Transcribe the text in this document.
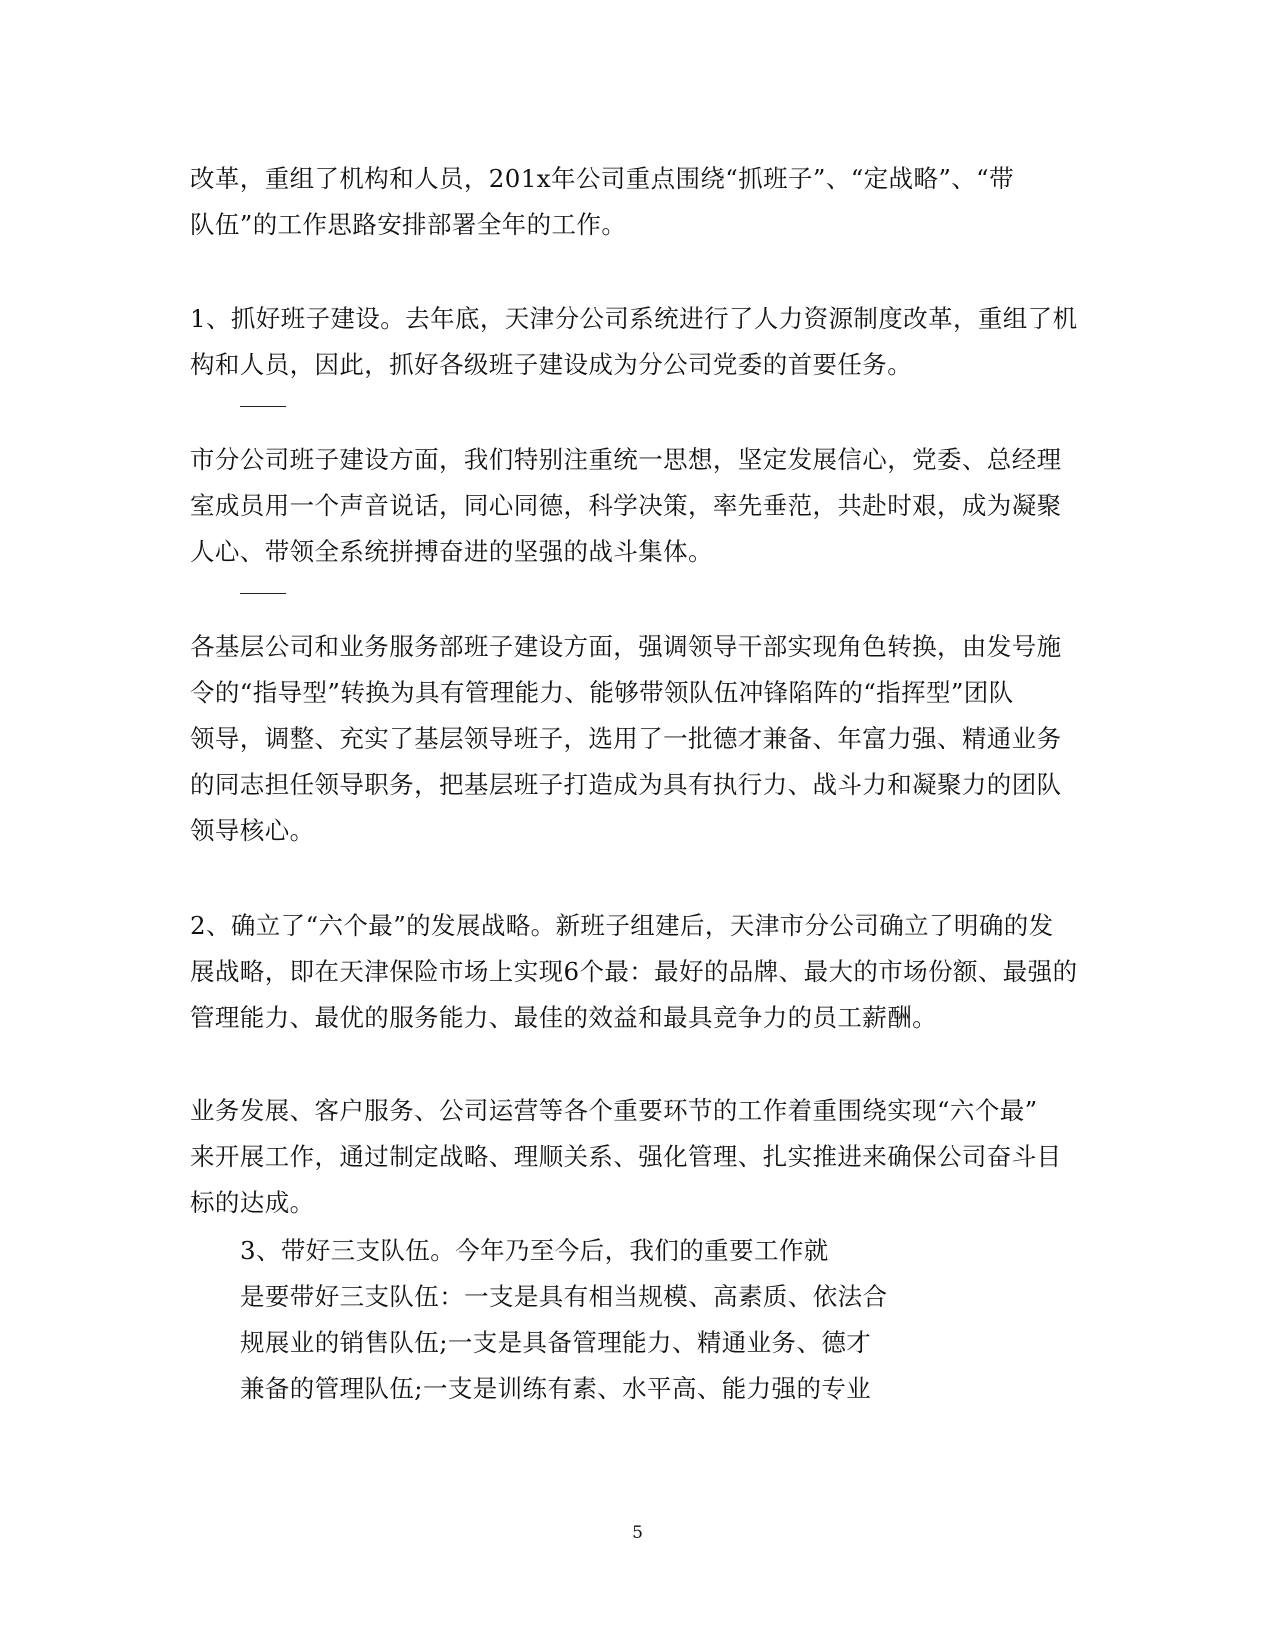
改革，重组了机构和人员，201x年公司重点围绕“抓班子”、“定战略”、“带
队伍”的工作思路安排部署全年的工作。
1、抓好班子建设。去年底，天津分公司系统进行了人力资源制度改革，重组了机
构和人员，因此，抓好各级班子建设成为分公司党委的首要任务。
市分公司班子建设方面，我们特别注重统一思想，坚定发展信心，党委、总经理
室成员用一个声音说话，同心同德，科学决策，率先垂范，共赴时艰，成为凝聚
人心、带领全系统拼搏奋进的坚强的战斗集体。
各基层公司和业务服务部班子建设方面，强调领导干部实现角色转换，由发号施
令的“指导型”转换为具有管理能力、能够带领队伍冲锋陷阵的“指挥型”团队
领导，调整、充实了基层领导班子，选用了一批德才兼备、年富力强、精通业务
的同志担任领导职务，把基层班子打造成为具有执行力、战斗力和凝聚力的团队
领导核心。
2、确立了“六个最”的发展战略。新班子组建后，天津市分公司确立了明确的发
展战略，即在天津保险市场上实现6个最：最好的品牌、最大的市场份额、最强的
管理能力、最优的服务能力、最佳的效益和最具竞争力的员工薪酬。
业务发展、客户服务、公司运营等各个重要环节的工作着重围绕实现“六个最”
来开展工作，通过制定战略、理顺关系、强化管理、扎实推进来确保公司奋斗目
标的达成。
3、带好三支队伍。今年乃至今后，我们的重要工作就
是要带好三支队伍：一支是具有相当规模、高素质、依法合
规展业的销售队伍;一支是具备管理能力、精通业务、德才
兼备的管理队伍;一支是训练有素、水平高、能力强的专业
5
